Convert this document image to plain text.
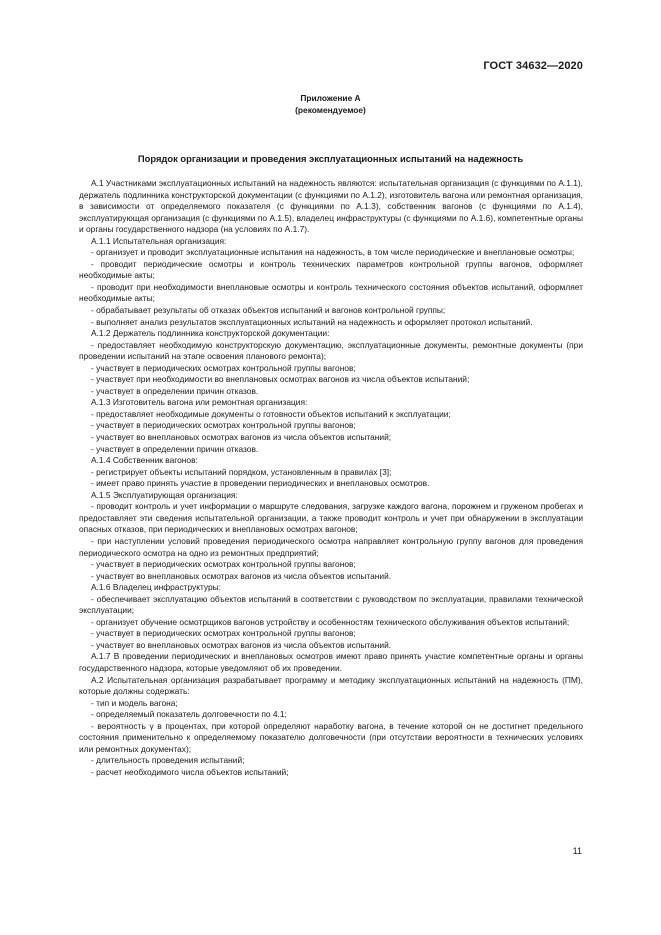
ГОСТ 34632—2020
Приложение А
(рекомендуемое)
Порядок организации и проведения эксплуатационных испытаний на надежность

А.1 Участниками эксплуатационных испытаний на надежность являются: испытательная организация (с функциями по А.1.1), держатель подлинника конструкторской документации (с функциями по А.1.2), изготовитель вагона или ремонтная организация, в зависимости от определяемого показателя (с функциями по А.1.3), собственник вагонов (с функциями по А.1.4), эксплуатирующая организация (с функциями по А.1.5), владелец инфраструктуры (с функциями по А.1.6), компетентные органы и органы государственного надзора (на условиях по А.1.7).

А.1.1 Испытательная организация:

- организует и проводит эксплуатационные испытания на надежность, в том числе периодические и внеплановые осмотры;

- проводит периодические осмотры и контроль технических параметров контрольной группы вагонов, оформляет необходимые акты;

- проводит при необходимости внеплановые осмотры и контроль технического состояния объектов испытаний, оформляет необходимые акты;

- обрабатывает результаты об отказах объектов испытаний и вагонов контрольной группы;

- выполняет анализ результатов эксплуатационных испытаний на надежность и оформляет протокол испытаний.

А.1.2 Держатель подлинника конструкторской документации:

- предоставляет необходимую конструкторскую документацию, эксплуатационные документы, ремонтные документы (при проведении испытаний на этапе освоения планового ремонта);

- участвует в периодических осмотрах контрольной группы вагонов;

- участвует при необходимости во внеплановых осмотрах вагонов из числа объектов испытаний;

- участвует в определении причин отказов.

А.1.3 Изготовитель вагона или ремонтная организация:

- предоставляет необходимые документы о готовности объектов испытаний к эксплуатации;

- участвует в периодических осмотрах контрольной группы вагонов;

- участвует во внеплановых осмотрах вагонов из числа объектов испытаний;

- участвует в определении причин отказов.

А.1.4 Собственник вагонов:

- регистрирует объекты испытаний порядком, установленным в правилах [3];

- имеет право принять участие в проведении периодических и внеплановых осмотров.

А.1.5 Эксплуатирующая организация:

- проводит контроль и учет информации о маршруте следования, загрузке каждого вагона, порожнем и груженом пробегах и предоставляет эти сведения испытательной организации, а также проводит контроль и учет при обнаружении в эксплуатации опасных отказов, при периодических и внеплановых осмотрах вагонов;

- при наступлении условий проведения периодического осмотра направляет контрольную группу вагонов для проведения периодического осмотра на одно из ремонтных предприятий;

- участвует в периодических осмотрах контрольной группы вагонов;

- участвует во внеплановых осмотрах вагонов из числа объектов испытаний.

А.1.6 Владелец инфраструктуры:

- обеспечивает эксплуатацию объектов испытаний в соответствии с руководством по эксплуатации, правилами технической эксплуатации;

- организует обучение осмотрщиков вагонов устройству и особенностям технического обслуживания объектов испытаний;

- участвует в периодических осмотрах контрольной группы вагонов;

- участвует во внеплановых осмотрах вагонов из числа объектов испытаний.

А.1.7 В проведении периодических и внеплановых осмотров имеют право принять участие компетентные органы и органы государственного надзора, которые уведомляют об их проведении.

А.2 Испытательная организация разрабатывает программу и методику эксплуатационных испытаний на надежность (ПМ), которые должны содержать:

- тип и модель вагона;

- определяемый показатель долговечности по 4.1;

- вероятность γ в процентах, при которой определяют наработку вагона, в течение которой он не достигнет предельного состояния применительно к определяемому показателю долговечности (при отсутствии вероятности в технических условиях или ремонтных документах);

- длительность проведения испытаний;

- расчет необходимого числа объектов испытаний;

11
